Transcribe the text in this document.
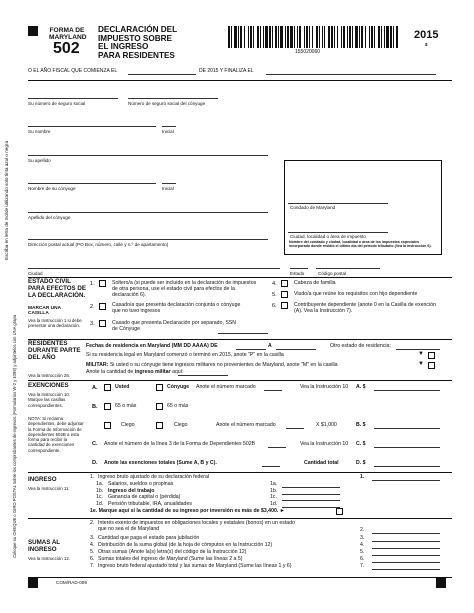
FORMA DE
MARYLAND
502
DECLARACIÓN DEL
IMPUESTO SOBRE
EL INGRESO
PARA RESIDENTES	155020060
2015
$
O EL AÑO FISCAL QUE COMIENZA EL	DE 2015 Y FINALIZA EL
Escriba en letra de molde utilizando solo tinta azul o negra
Su número de seguro social	Número de seguro social del cónyuge
Su nombre	Inicial
Su apellido
Nombre de su cónyuge	Inicial
Apellido del cónyuge
Dirección postal actual (PO Box, número, calle y n.º de apartamento)
Condado de Maryland
Ciudad, localidad o área de impuesto
Nombre del condado y ciudad, localidad o área de los impuestos especiales incorporado donde residió el último día del período tributario (Vea la Instrucción 6).
Ciudad	Estado	Código postal
ESTADO CIVIL PARA EFECTOS DE LA DECLARACIÓN.
MARCAR UNA CASILLA
Vea la Instrucción 1 si debe presentar una declaración.
1.	Soltero/a (si puede ser incluido en la declaración de impuestos de otra persona, use el estado civil para efectos de la declaración 6).
2.	Casado/a que presenta declaración conjunta o cónyuge que no tuvo ingresos
3.	Casado que presenta Declaración por separado, SSN de Cónyuge
4.	Cabeza de familia
5.	Viudo/a que reúne los requisitos con hijo dependiente
6.	Contribuyente dependiente (anote 0 en la Casilla de exención (A). Vea la Instrucción 7).
RESIDENTES DURANTE PARTE DEL AÑO
Vea la Instrucción 26.
Fechas de residencia en Maryland (MM DD AAAA) DE	A	Otro estado de residencia:
Si su residencia legal en Maryland comenzó o terminó en 2015, anote "P" en la casilla	▼
MILITAR: Si usted o su cónyuge tiene ingresos militares no provenientes de Maryland, anote "M" en la casilla	▼
Anote la cantidad de ingreso militar aquí:
EXENCIONES
Vea la Instrucción 10. Marque las casillas correspondientes.
NOTA: Si reclama dependientes, debe adjuntar la Forma de Información de dependientes 502B a esta forma para recibir la cantidad de exenciones correspondiente.
A.	Usted	Cónyuge Anote el número marcado	Vea la Instrucción 10 A. $
B.	65 o más	65 o más
Ciego	Ciego	Anote el número marcado	X $1,000	B. $
C. Anote el número de la línea 3 de la Forma de Dependientes 502B	Vea la Instrucción 10 C. $
D. Anote las exenciones totales (Sume A, B y C).	Cantidad total	D. $
Coloque su CHEQUE o GIRO POSTAL sobre los comprobantes de ingresos (Formularios W-2 y 1099) y adjúntelos con UNA grapa INGRESO
Vea la Instrucción 11.
1. Ingreso bruto ajustado de su declaración federal	1.
1a. Salarios, sueldos o propinas	1a.
1b. Ingreso del trabajo	1b.
1c. Ganancia de capital o (pérdida)	1c.
1d. Pensión tributable, IRA, anualidades	1d.
1e. Marque aquí si la cantidad de su ingreso por inversión es más de $3,400. ►
SUMAS AL INGRESO
Vea la Instrucción 12.
2. Interés exento de impuestos en obligaciones locales y estatales (bonos) en un estado que no sea el de Maryland	2.
3. Cantidad que paga el estado para jubilación	3.
4. Distribución de la suma global (de la hoja de cómputos en la Instrucción 12)	4.
5. Otras sumas (Anote la(s) letra(s) del código de la Instrucción 12)	5.
6. Sumas totales del ingreso de Maryland (Sume las líneas 2 a 5)	6.
7. Ingreso bruto federal ajustado total y las sumas de Maryland (Sume las líneas 1 y 6)	7.
COM/RAD-009
